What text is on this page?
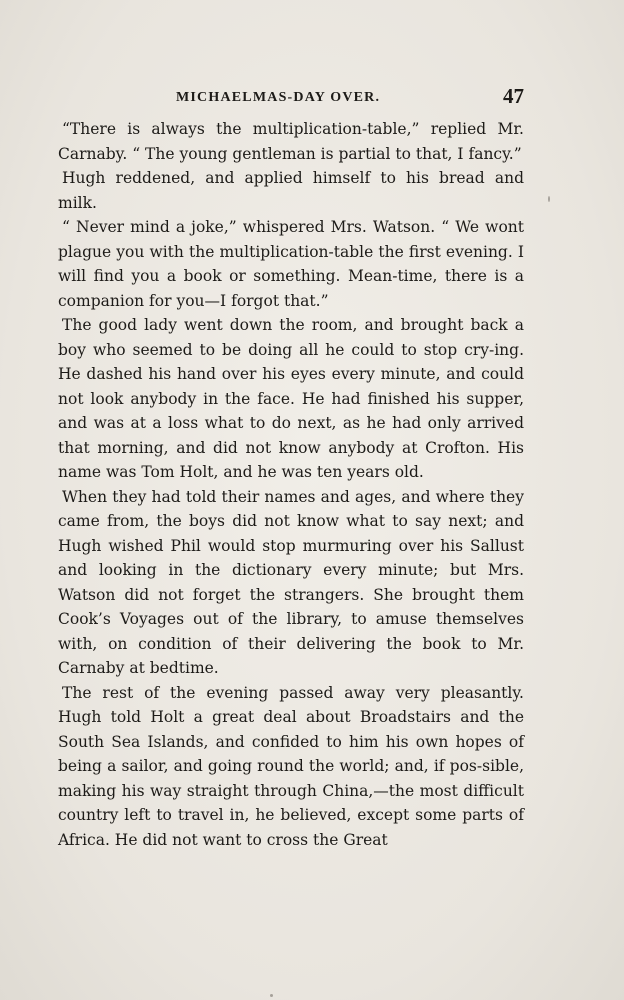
MICHAELMAS-DAY OVER.	47

“There is always the multiplication-table,” replied Mr. Carnaby. “ The young gentleman is partial to that, I fancy.”

Hugh reddened, and applied himself to his bread and milk.

“ Never mind a joke,” whispered Mrs. Watson. “ We wont plague you with the multiplication-table the first evening. I will find you a book or something. Mean-time, there is a companion for you—I forgot that.”

The good lady went down the room, and brought back a boy who seemed to be doing all he could to stop cry-ing. He dashed his hand over his eyes every minute, and could not look anybody in the face. He had finished his supper, and was at a loss what to do next, as he had only arrived that morning, and did not know anybody at Crofton. His name was Tom Holt, and he was ten years old.

When they had told their names and ages, and where they came from, the boys did not know what to say next; and Hugh wished Phil would stop murmuring over his Sallust and looking in the dictionary every minute; but Mrs. Watson did not forget the strangers. She brought them Cook’s Voyages out of the library, to amuse themselves with, on condition of their delivering the book to Mr. Carnaby at bedtime.

The rest of the evening passed away very pleasantly. Hugh told Holt a great deal about Broadstairs and the South Sea Islands, and confided to him his own hopes of being a sailor, and going round the world; and, if pos-sible, making his way straight through China,—the most difficult country left to travel in, he believed, except some parts of Africa. He did not want to cross the Great
